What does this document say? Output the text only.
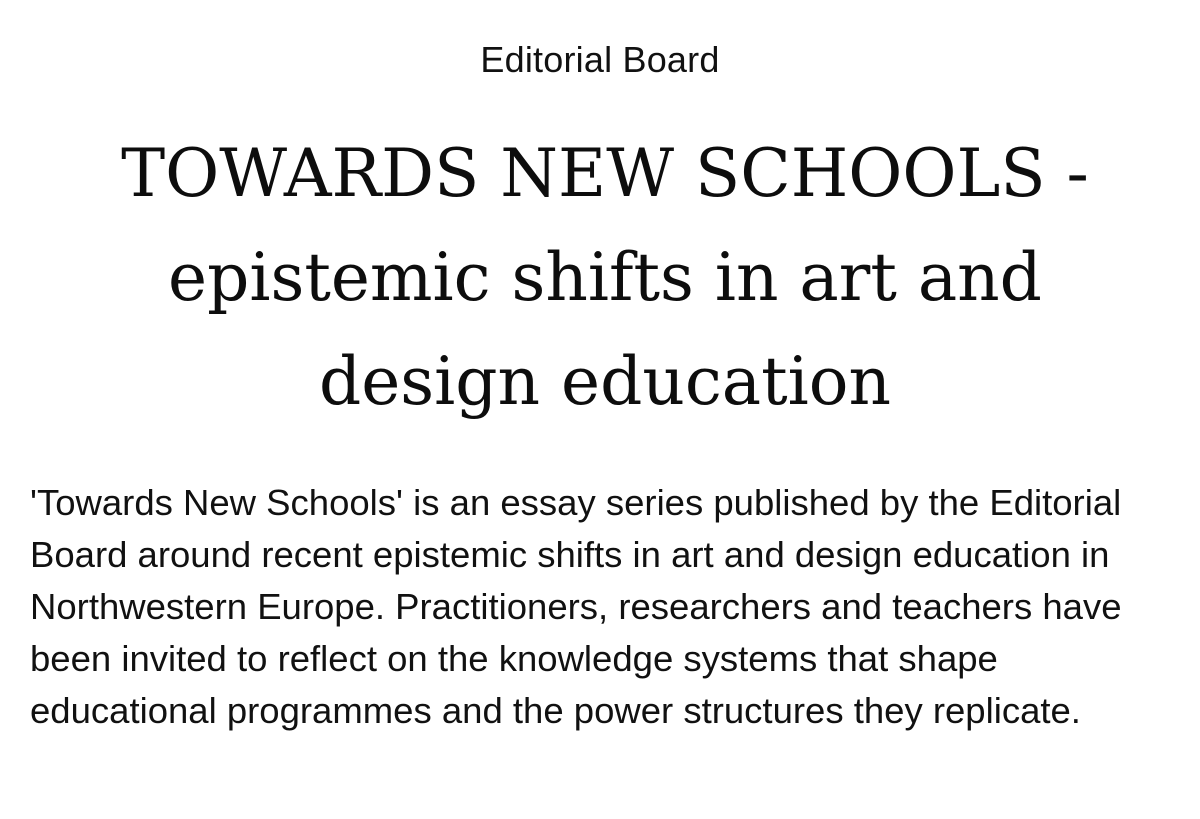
Editorial Board
TOWARDS NEW SCHOOLS - epistemic shifts in art and design education

'Towards New Schools' is an essay series published by the Editorial Board around recent epistemic shifts in art and design education in Northwestern Europe. Practitioners, researchers and teachers have been invited to reflect on the knowledge systems that shape educational programmes and the power structures they replicate.
